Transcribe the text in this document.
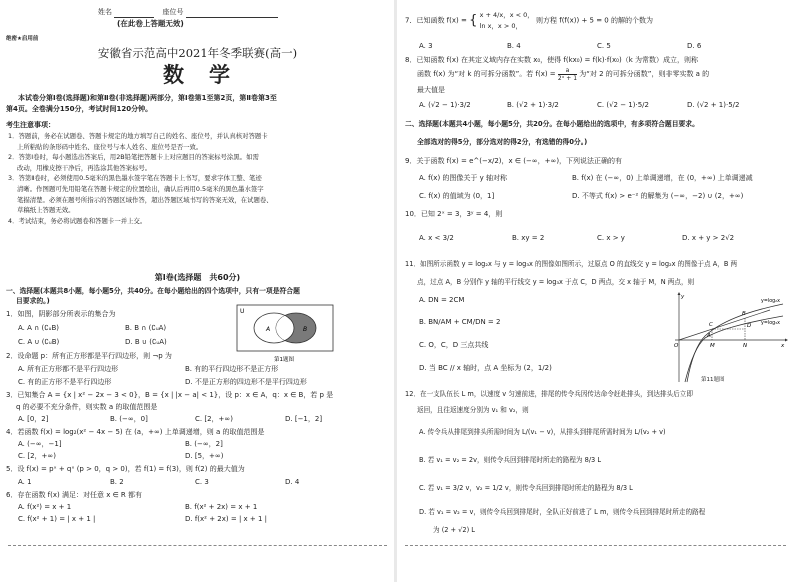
姓名	座位号
(在此卷上答题无效)
绝密★启用前
安徽省示范高中2021年冬季联赛(高一)
数　学
本试卷分第Ⅰ卷(选择题)和第Ⅱ卷(非选择题)两部分，第Ⅰ卷第1至第2页，第Ⅱ卷第3至
第4页。全卷满分150分，考试时间120分钟。
考生注意事项：
1．答题前，务必在试题卷、答题卡规定的地方填写自己的姓名、座位号，并认真核对答题卡
上所粘贴的条形码中姓名、座位号与本人姓名、座位号是否一致。
2．答第Ⅰ卷时，每小题选出答案后，用2B铅笔把答题卡上对应题目的答案标号涂黑。如需
改动，用橡皮擦干净后，再选涂其他答案标号。
3．答第Ⅱ卷时，必须使用0.5毫米的黑色墨水签字笔在答题卡上书写，要求字体工整、笔迹
清晰。作图题可先用铅笔在答题卡规定的位置绘出，确认后再用0.5毫米的黑色墨水签字
笔描清楚。必须在题号所指示的答题区域作答，超出答题区域书写的答案无效，在试题卷、
草稿纸上答题无效。
4．考试结束，务必将试题卷和答题卡一并上交。
第Ⅰ卷(选择题　共60分)
一、选择题(本题共8小题，每小题5分，共40分。在每小题给出的四个选项中，只有一项是符合题
目要求的。)
1．如图，阴影部分所表示的集合为
A. A ∩ (∁ᵤB)	B. B ∩ (∁ᵤA)
C. A ∪ (∁ᵤB)	D. B ∪ (∁ᵤA)
U
A	B
第1题图
2．设命题 p：所有正方形都是平行四边形，则 ¬p 为
A. 所有正方形都不是平行四边形	B. 有的平行四边形不是正方形
C. 有的正方形不是平行四边形	D. 不是正方形的四边形不是平行四边形
3．已知集合 A = {x | x² − 2x − 3 < 0}，B = {x | |x − a| < 1}，设 p：x ∈ A，q：x ∈ B，若 p 是
q 的必要不充分条件，则实数 a 的取值范围是
A. [0，2]	B. (−∞，0]	C. [2，+∞)	D. [−1，2]
4．若函数 f(x) = log₂(x² − 4x − 5) 在 (a，+∞) 上单调递增，则 a 的取值范围是
A. (−∞，−1]	B. (−∞，2]
C. [2，+∞)	D. [5，+∞)
5．设 f(x) = pˣ + qˣ (p > 0，q > 0)，若 f(1) = f(3)，则 f(2) 的最大值为
A. 1	B. 2	C. 3	D. 4
6．存在函数 f(x) 满足：对任意 x ∈ R 都有
A. f(x²) = x + 1	B. f(x² + 2x) = x + 1
C. f(x² + 1) = | x + 1 |	D. f(x² + 2x) = | x + 1 |
7．已知函数 f(x) = { x + 4/x，x < 0，
ln x，x > 0，
则方程 f(f(x)) + 5 = 0 的解的个数为
A. 3	B. 4	C. 5	D. 6
8．已知函数 f(x) 在其定义域内存在实数 x₀，使得 f(kx₀) = f(k)·f(x₀)（k 为常数）成立，则称
函数 f(x) 为“对 k 的可拆分函数”。若 $f(x) = \frac{a}{\text{2ˣ + 1}}$ 为“对 2 的可拆分函数”，则非零实数 a 的
最大值是
A. (√2 − 1)·3/2	B. (√2 + 1)·3/2	C. (√2 − 1)·5/2	D. (√2 + 1)·5/2
二、选择题(本题共4小题，每小题5分，共20分。在每小题给出的选项中，有多项符合题目要求。
全部选对的得5分，部分选对的得2分，有选错的得0分。)
9．关于函数 f(x) = e^(−x/2)，x ∈ (−∞，+∞)，下列说法正确的有
A. f(x) 的图像关于 y 轴对称	B. f(x) 在 (−∞，0) 上单调递增，在 (0，+∞) 上单调递减
C. f(x) 的值域为 (0，1]	D. 不等式 f(x) > e⁻² 的解集为 (−∞，−2) ∪ (2，+∞)
10．已知 2ˣ = 3，3ʸ = 4，则
A. x < 3/2	B. xy = 2	C. x > y	D. x + y > 2√2
11．如图所示函数 y = log₂x 与 y = log₃x 的图像如图所示，过原点 O 的直线交 y = log₂x 的图像于点 A，B 两
点，过点 A，B 分别作 y 轴的平行线交 y = log₃x 于点 C，D 两点，交 x 轴于 M，N 两点，则
A. DN = 2CM
B. BN/AM + CM/DN = 2
C. O，C，D 三点共线
D. 当 BC // x 轴时，点 A 坐标为 (2，1/2)
O
C
A
B
D
M	N	x
y
y=log₂x
y=log₃x
第11题图
12．在一支队伍长 L m，以速度 v 匀速前进，排尾的传令兵因传达命令赶赴排头，到达排头后立即
返回，且往返速度分别为 v₁ 和 v₂，则
A. 传令兵从排尾到排头所需时间为 L/(v₁ − v)，从排头到排尾所需时间为 L/(v₂ + v)
B. 若 v₁ = v₂ = 2v，则传令兵回到排尾时所走的路程为 8/3 L
C. 若 v₁ = 3/2 v，v₂ = 1/2 v，则传令兵回到排尾时所走的路程为 8/3 L
D. 若 v₁ = v₂ = v，则传令兵回到排尾时，全队正好前进了 L m，则传令兵回到排尾时所走的路程
为 (2 + √2) L
